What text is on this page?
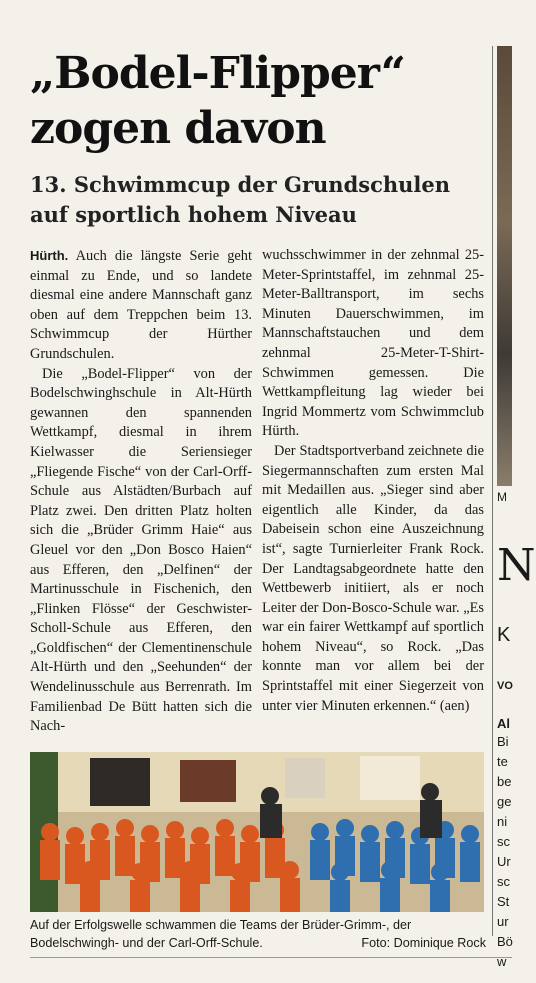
„Bodel-Flipper“
zogen davon
13. Schwimmcup der Grundschulen
auf sportlich hohem Niveau

Hürth. Auch die längste Serie geht einmal zu Ende, und so landete diesmal eine andere Mannschaft ganz oben auf dem Treppchen beim 13. Schwimmcup der Hürther Grundschulen.

Die „Bodel-Flipper“ von der Bodelschwinghschule in Alt-Hürth gewannen den spannenden Wettkampf, diesmal in ihrem Kielwasser die Seriensieger „Fliegende Fische“ von der Carl-Orff-Schule aus Alstädten/Burbach auf Platz zwei. Den dritten Platz holten sich die „Brüder Grimm Haie“ aus Gleuel vor den „Don Bosco Haien“ aus Efferen, den „Delfinen“ der Martinusschule in Fischenich, den „Flinken Flösse“ der Geschwister-Scholl-Schule aus Efferen, den „Goldfischen“ der Clementinenschule Alt-Hürth und den „Seehunden“ der Wendelinusschule aus Berrenrath. Im Familienbad De Bütt hatten sich die Nach-

wuchsschwimmer in der zehnmal 25-Meter-Sprintstaffel, im zehnmal 25-Meter-Balltransport, im sechs Minuten Dauerschwimmen, im Mannschaftstauchen und dem zehnmal 25-Meter-T-Shirt-Schwimmen gemessen. Die Wettkampfleitung lag wieder bei Ingrid Mommertz vom Schwimmclub Hürth.

Der Stadtsportverband zeichnete die Siegermannschaften zum ersten Mal mit Medaillen aus. „Sieger sind aber eigentlich alle Kinder, da das Dabeisein schon eine Auszeichnung ist“, sagte Turnierleiter Frank Rock. Der Landtagsabgeordnete hatte den Wettbewerb initiiert, als er noch Leiter der Don-Bosco-Schule war. „Es war ein fairer Wettkampf auf sportlich hohem Niveau“, so Rock. „Das konnte man vor allem bei der Sprintstaffel mit einer Siegerzeit von unter vier Minuten erkennen.“ (aen)

Auf der Erfolgswelle schwammen die Teams der Brüder-Grimm-, der Bodelschwingh- und der Carl-Orff-Schule.	Foto: Dominique Rock
M
N
K
VO
Al
Bi
te
be
ge
ni
sc
Ur
sc
St
ur
Bö
w
